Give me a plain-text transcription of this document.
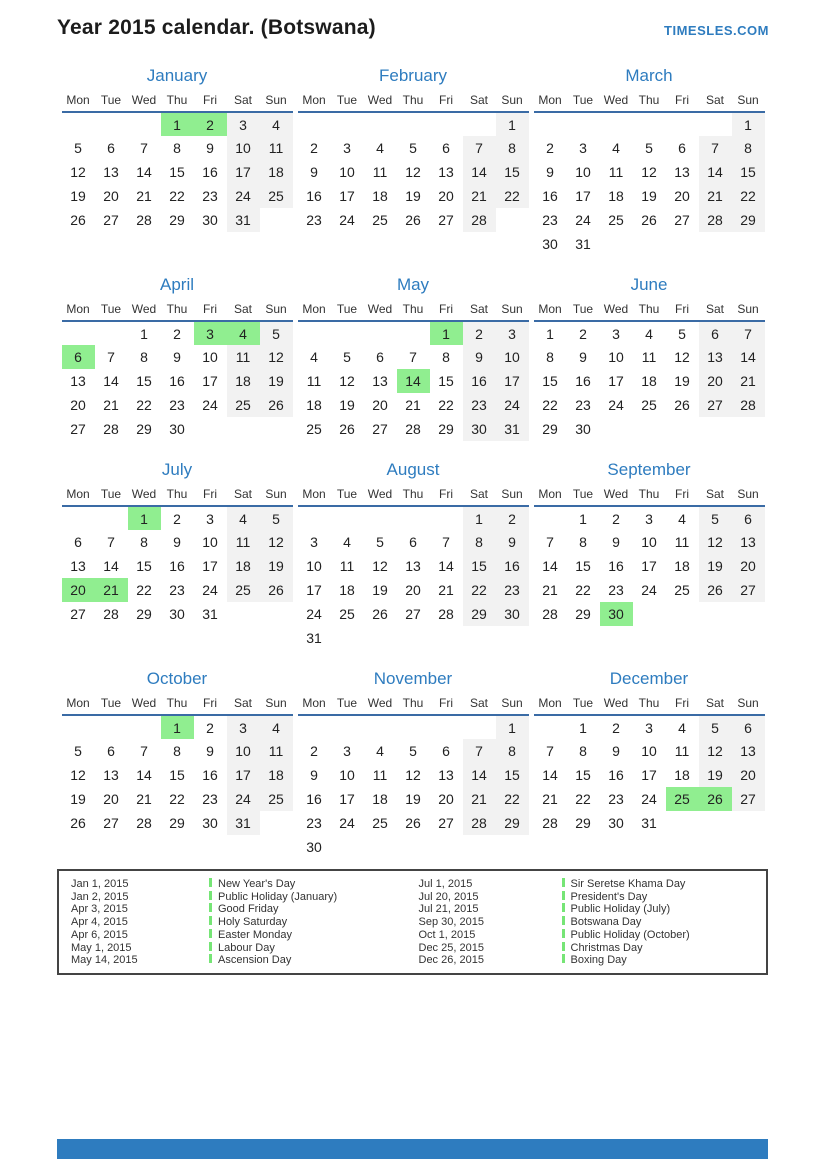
Year 2015 calendar. (Botswana)	TIMESLES.COM
January
Mon	Tue	Wed	Thu	Fri	Sat	Sun
			1	2	3	4
5	6	7	8	9	10	11
12	13	14	15	16	17	18
19	20	21	22	23	24	25
26	27	28	29	30	31	
February
Mon	Tue	Wed	Thu	Fri	Sat	Sun
						1
2	3	4	5	6	7	8
9	10	11	12	13	14	15
16	17	18	19	20	21	22
23	24	25	26	27	28	
March
Mon	Tue	Wed	Thu	Fri	Sat	Sun
						1
2	3	4	5	6	7	8
9	10	11	12	13	14	15
16	17	18	19	20	21	22
23	24	25	26	27	28	29
30	31					
April
Mon	Tue	Wed	Thu	Fri	Sat	Sun
		1	2	3	4	5
6	7	8	9	10	11	12
13	14	15	16	17	18	19
20	21	22	23	24	25	26
27	28	29	30			
May
Mon	Tue	Wed	Thu	Fri	Sat	Sun
				1	2	3
4	5	6	7	8	9	10
11	12	13	14	15	16	17
18	19	20	21	22	23	24
25	26	27	28	29	30	31
June
Mon	Tue	Wed	Thu	Fri	Sat	Sun
1	2	3	4	5	6	7
8	9	10	11	12	13	14
15	16	17	18	19	20	21
22	23	24	25	26	27	28
29	30					
July
Mon	Tue	Wed	Thu	Fri	Sat	Sun
		1	2	3	4	5
6	7	8	9	10	11	12
13	14	15	16	17	18	19
20	21	22	23	24	25	26
27	28	29	30	31		
August
Mon	Tue	Wed	Thu	Fri	Sat	Sun
					1	2
3	4	5	6	7	8	9
10	11	12	13	14	15	16
17	18	19	20	21	22	23
24	25	26	27	28	29	30
31						
September
Mon	Tue	Wed	Thu	Fri	Sat	Sun
	1	2	3	4	5	6
7	8	9	10	11	12	13
14	15	16	17	18	19	20
21	22	23	24	25	26	27
28	29	30				
October
Mon	Tue	Wed	Thu	Fri	Sat	Sun
			1	2	3	4
5	6	7	8	9	10	11
12	13	14	15	16	17	18
19	20	21	22	23	24	25
26	27	28	29	30	31	
November
Mon	Tue	Wed	Thu	Fri	Sat	Sun
						1
2	3	4	5	6	7	8
9	10	11	12	13	14	15
16	17	18	19	20	21	22
23	24	25	26	27	28	29
30						
December
Mon	Tue	Wed	Thu	Fri	Sat	Sun
	1	2	3	4	5	6
7	8	9	10	11	12	13
14	15	16	17	18	19	20
21	22	23	24	25	26	27
28	29	30	31			
Jan 1, 2015	New Year's Day
Jan 2, 2015	Public Holiday (January)
Apr 3, 2015	Good Friday
Apr 4, 2015	Holy Saturday
Apr 6, 2015	Easter Monday
May 1, 2015	Labour Day
May 14, 2015	Ascension Day
Jul 1, 2015	Sir Seretse Khama Day
Jul 20, 2015	President's Day
Jul 21, 2015	Public Holiday (July)
Sep 30, 2015	Botswana Day
Oct 1, 2015	Public Holiday (October)
Dec 25, 2015	Christmas Day
Dec 26, 2015	Boxing Day
